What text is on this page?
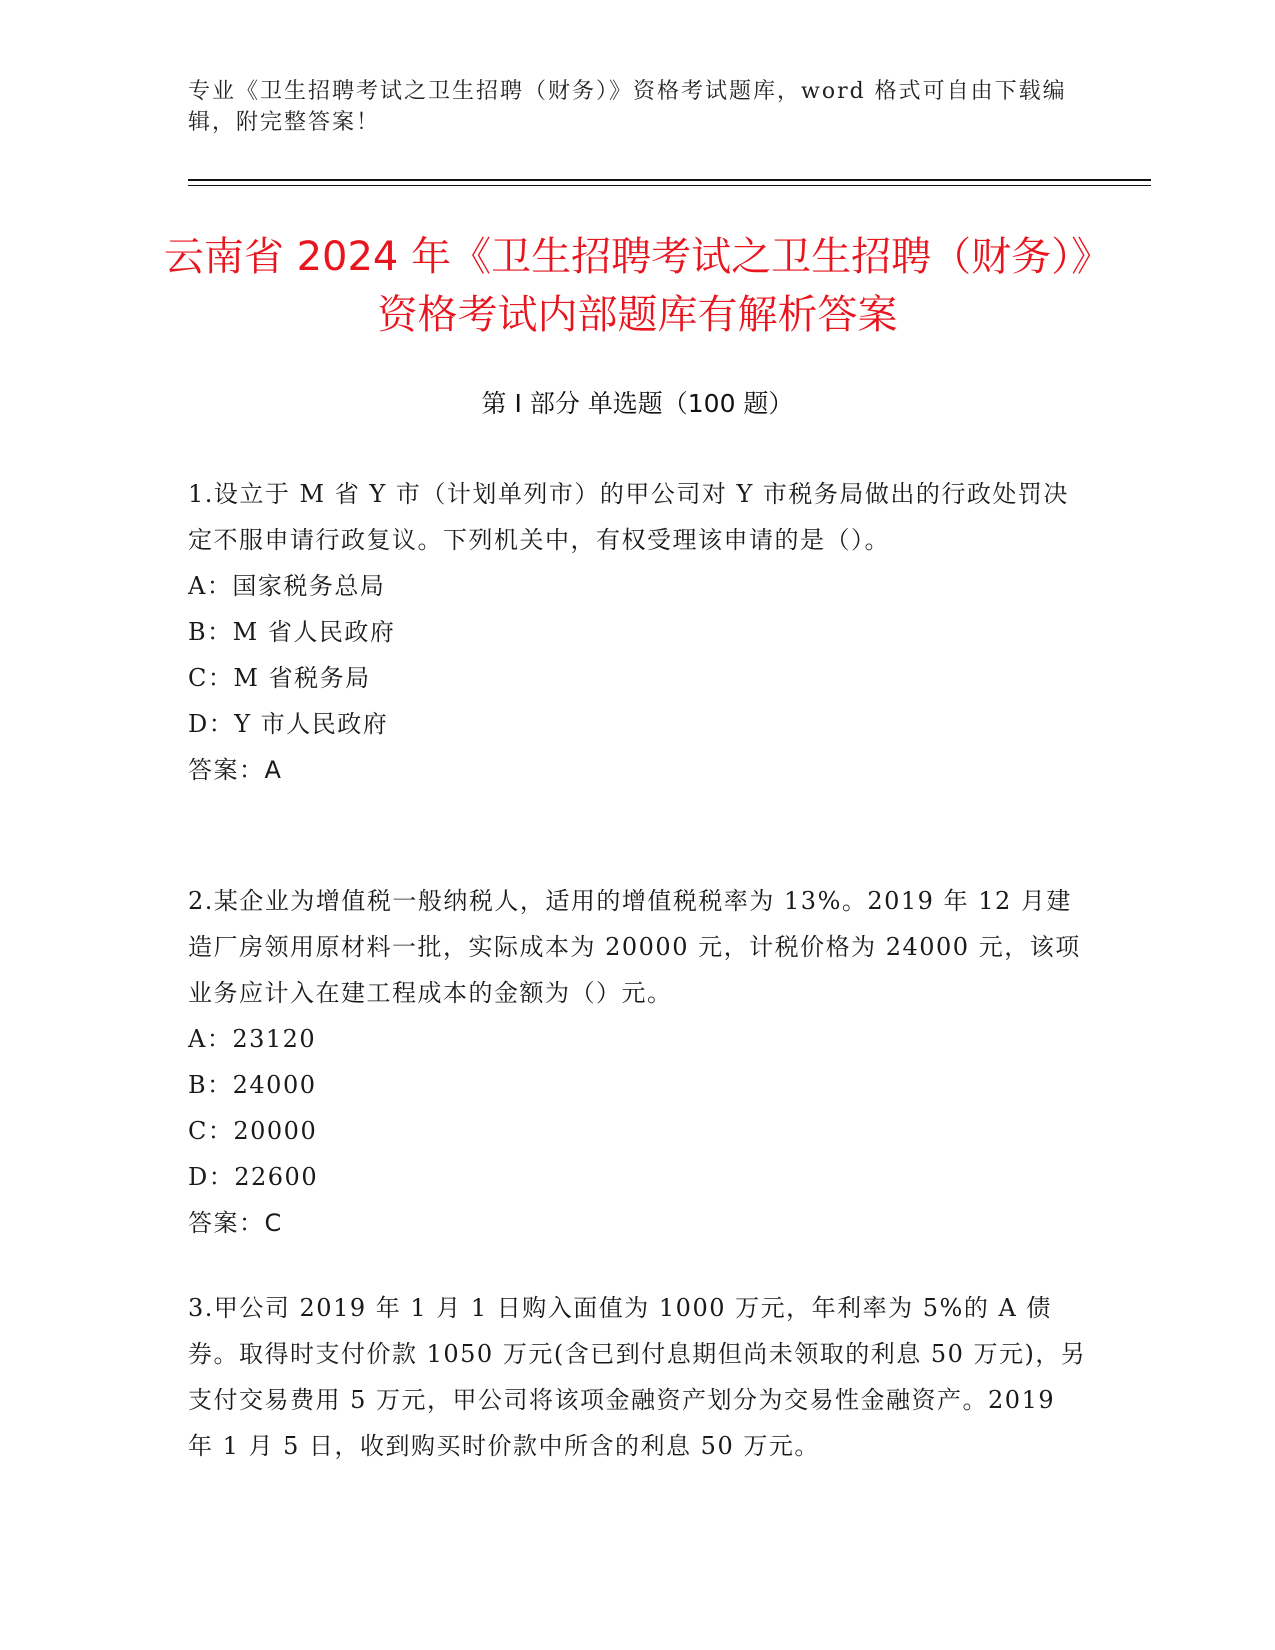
专业《卫生招聘考试之卫生招聘（财务）》资格考试题库，word 格式可自由下载编辑，附完整答案！
云南省 2024 年《卫生招聘考试之卫生招聘（财务）》资格考试内部题库有解析答案
第 I 部分 单选题（100 题）

1.设立于 M 省 Y 市（计划单列市）的甲公司对 Y 市税务局做出的行政处罚决定不服申请行政复议。下列机关中，有权受理该申请的是（）。

A：国家税务总局

B：M 省人民政府

C：M 省税务局

D：Y 市人民政府

答案：A

2.某企业为增值税一般纳税人，适用的增值税税率为 13%。2019 年 12 月建造厂房领用原材料一批，实际成本为 20000 元，计税价格为 24000 元，该项业务应计入在建工程成本的金额为（）元。

A：23120

B：24000

C：20000

D：22600

答案：C

3.甲公司 2019 年 1 月 1 日购入面值为 1000 万元，年利率为 5%的 A 债券。取得时支付价款 1050 万元(含已到付息期但尚未领取的利息 50 万元)，另支付交易费用 5 万元，甲公司将该项金融资产划分为交易性金融资产。2019 年 1 月 5 日，收到购买时价款中所含的利息 50 万元。
